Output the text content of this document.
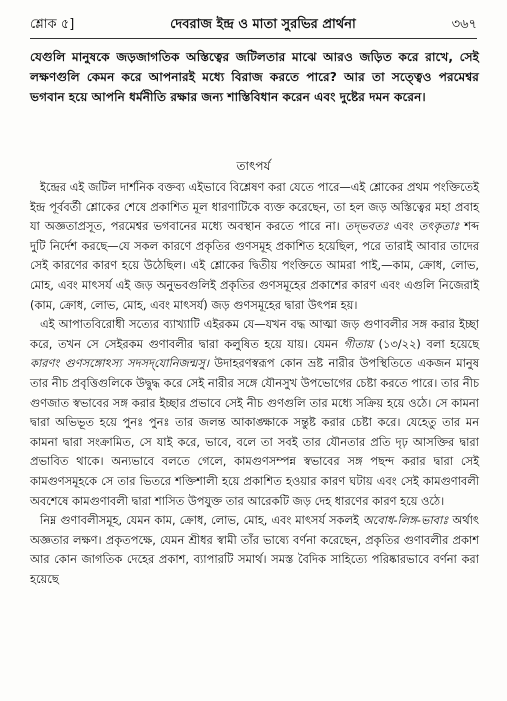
শ্লোক ৫]	দেবরাজ ইন্দ্র ও মাতা সুরভির প্রার্থনা	৩৬৭
যেগুলি মানুষকে জড়জাগতিক অস্তিত্বের জটিলতার মাঝে আরও জড়িত করে রাখে, সেই লক্ষণগুলি কেমন করে আপনারই মধ্যে বিরাজ করতে পারে? আর তা সত্ত্বেও পরমেশ্বর ভগবান হয়ে আপনি ধর্মনীতি রক্ষার জন্য শাস্তিবিধান করেন এবং দুষ্টের দমন করেন।
তাৎপর্য

ইন্দ্রের এই জটিল দার্শনিক বক্তব্য এইভাবে বিশ্লেষণ করা যেতে পারে—এই শ্লোকের প্রথম পংক্তিতেই ইন্দ্র পূর্ববর্তী শ্লোকের শেষে প্রকাশিত মূল ধারণাটিকে ব্যক্ত করেছেন, তা হল জড় অস্তিত্বের মহা প্রবাহ যা অজ্ঞতাপ্রসূত, পরমেশ্বর ভগবানের মধ্যে অবস্থান করতে পারে না। তদ্‌ভবতঃ এবং তৎকৃতাঃ শব্দ দুটি নির্দেশ করছে—যে সকল কারণে প্রকৃতির গুণসমূহ প্রকাশিত হয়েছিল, পরে তারাই আবার তাদের সেই কারণের কারণ হয়ে উঠেছিল। এই শ্লোকের দ্বিতীয় পংক্তিতে আমরা পাই,—কাম, ক্রোধ, লোভ, মোহ, এবং মাৎসর্য এই জড় অনুভবগুলিই প্রকৃতির গুণসমূহের প্রকাশের কারণ এবং এগুলি নিজেরাই (কাম, ক্রোধ, লোভ, মোহ, এবং মাৎসর্য) জড় গুণসমূহের দ্বারা উৎপন্ন হয়।

এই আপাতবিরোধী সত্যের ব্যাখ্যাটি এইরকম যে—যখন বদ্ধ আত্মা জড় গুণাবলীর সঙ্গ করার ইচ্ছা করে, তখন সে সেইরকম গুণাবলীর দ্বারা কলুষিত হয়ে যায়। যেমন গীতায় (১৩/২২) বলা হয়েছে কারণং গুণসঙ্গোঽস্য সদসদ্‌যোনিজন্মসু। উদাহরণস্বরূপ কোন ভ্রষ্ট নারীর উপস্থিতিতে একজন মানুষ তার নীচ প্রবৃত্তিগুলিকে উদ্বুদ্ধ করে সেই নারীর সঙ্গে যৌনসুখ উপভোগের চেষ্টা করতে পারে। তার নীচ গুণজাত স্বভাবের সঙ্গ করার ইচ্ছার প্রভাবে সেই নীচ গুণগুলি তার মধ্যে সক্রিয় হয়ে ওঠে। সে কামনা দ্বারা অভিভূত হয়ে পুনঃ পুনঃ তার জলন্ত আকাঙ্ক্ষাকে সন্তুষ্ট করার চেষ্টা করে। যেহেতু তার মন কামনা দ্বারা সংক্রামিত, সে যাই করে, ভাবে, বলে তা সবই তার যৌনতার প্রতি দৃঢ় আসক্তির দ্বারা প্রভাবিত থাকে। অন্যভাবে বলতে গেলে, কামগুণসম্পন্ন স্বভাবের সঙ্গ পছন্দ করার দ্বারা সেই কামগুণসমূহকে সে তার ভিতরে শক্তিশালী হয়ে প্রকাশিত হওয়ার কারণ ঘটায় এবং সেই কামগুণাবলী অবশেষে কামগুণাবলী দ্বারা শাসিত উপযুক্ত তার আরেকটি জড় দেহ ধারণের কারণ হয়ে ওঠে।

নিম্ন গুণাবলীসমূহ, যেমন কাম, ক্রোধ, লোভ, মোহ, এবং মাৎসর্য সকলই অবোধ-লিঙ্গ-ভাবাঃ অর্থাৎ অজ্ঞতার লক্ষণ। প্রকৃতপক্ষে, যেমন শ্রীধর স্বামী তাঁর ভাষ্যে বর্ণনা করেছেন, প্রকৃতির গুণাবলীর প্রকাশ আর কোন জাগতিক দেহের প্রকাশ, ব্যাপারটি সমার্থ। সমস্ত বৈদিক সাহিত্যে পরিষ্কারভাবে বর্ণনা করা হয়েছে
